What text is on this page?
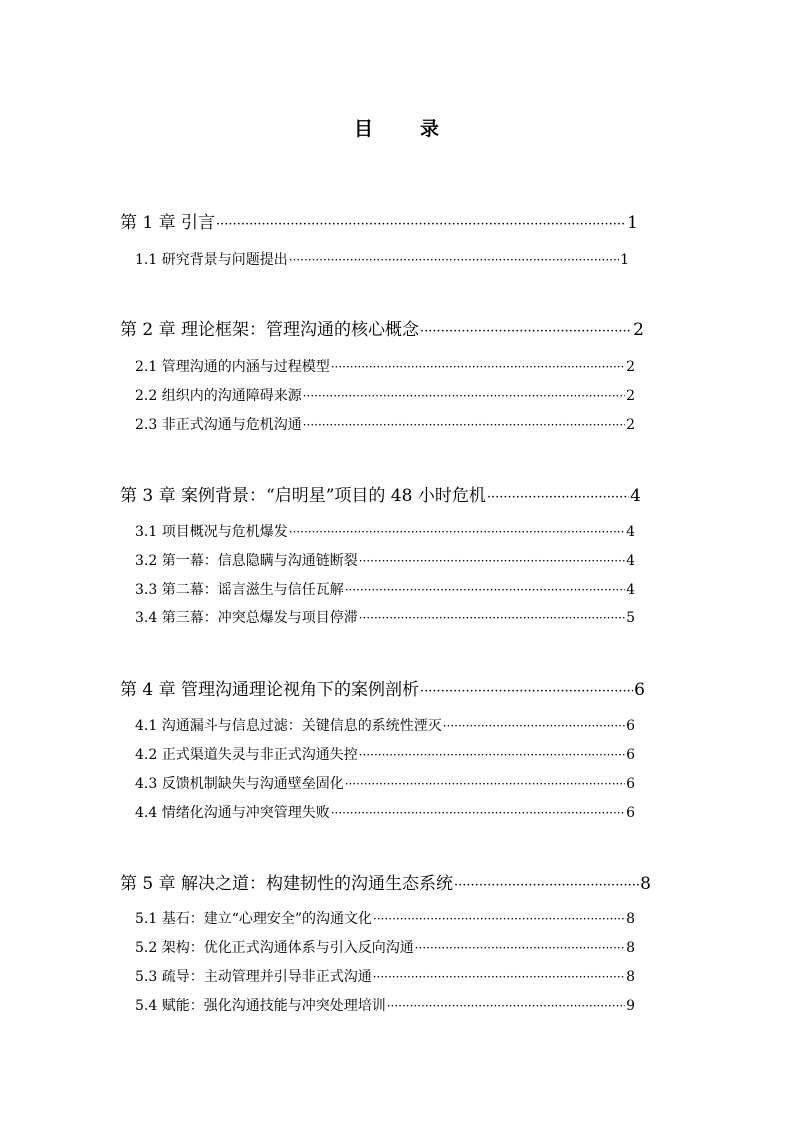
目　录
第 1 章 引言 ·····	1
1.1 研究背景与问题提出 ·····	1
第 2 章 理论框架：管理沟通的核心概念 ·····	2
2.1 管理沟通的内涵与过程模型 ·····	2
2.2 组织内的沟通障碍来源 ·····	2
2.3 非正式沟通与危机沟通 ·····	2
第 3 章 案例背景：“启明星”项目的 48 小时危机 ·····	4
3.1 项目概况与危机爆发 ·····	4
3.2 第一幕：信息隐瞒与沟通链断裂 ·····	4
3.3 第二幕：谣言滋生与信任瓦解 ·····	4
3.4 第三幕：冲突总爆发与项目停滞 ·····	5
第 4 章 管理沟通理论视角下的案例剖析 ·····	6
4.1 沟通漏斗与信息过滤：关键信息的系统性湮灭 ·····	6
4.2 正式渠道失灵与非正式沟通失控 ·····	6
4.3 反馈机制缺失与沟通壁垒固化 ·····	6
4.4 情绪化沟通与冲突管理失败 ·····	6
第 5 章 解决之道：构建韧性的沟通生态系统 ·····	8
5.1 基石：建立“心理安全”的沟通文化 ·····	8
5.2 架构：优化正式沟通体系与引入反向沟通 ·····	8
5.3 疏导：主动管理并引导非正式沟通 ·····	8
5.4 赋能：强化沟通技能与冲突处理培训 ·····	9
